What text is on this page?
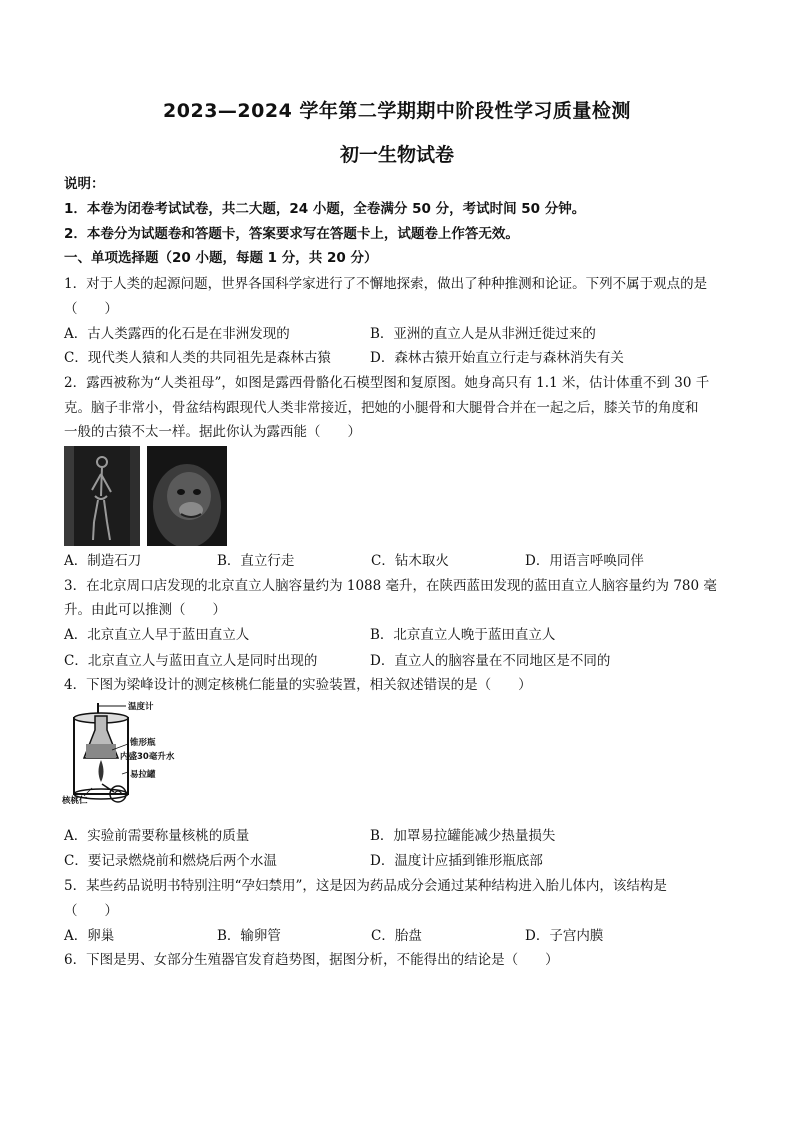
2023—2024 学年第二学期期中阶段性学习质量检测
初一生物试卷
说明：
1．本卷为闭卷考试试卷，共二大题，24 小题，全卷满分 50 分，考试时间 50 分钟。
2．本卷分为试题卷和答题卡，答案要求写在答题卡上，试题卷上作答无效。
一、单项选择题（20 小题，每题 1 分，共 20 分）
1．对于人类的起源问题，世界各国科学家进行了不懈地探索，做出了种种推测和论证。下列不属于观点的是
（　　）
A．古人类露西的化石是在非洲发现的	B．亚洲的直立人是从非洲迁徙过来的
C．现代类人猿和人类的共同祖先是森林古猿	D．森林古猿开始直立行走与森林消失有关
2．露西被称为“人类祖母”，如图是露西骨骼化石模型图和复原图。她身高只有 1.1 米，估计体重不到 30 千
克。脑子非常小，骨盆结构跟现代人类非常接近，把她的小腿骨和大腿骨合并在一起之后，膝关节的角度和
一般的古猿不太一样。据此你认为露西能（　　）
A．制造石刀	B．直立行走	C．钻木取火	D．用语言呼唤同伴
3．在北京周口店发现的北京直立人脑容量约为 1088 毫升，在陕西蓝田发现的蓝田直立人脑容量约为 780 毫
升。由此可以推测（　　）
A．北京直立人早于蓝田直立人	B．北京直立人晚于蓝田直立人
C．北京直立人与蓝田直立人是同时出现的	D．直立人的脑容量在不同地区是不同的
4．下图为梁峰设计的测定核桃仁能量的实验装置，相关叙述错误的是（　　）
温度计
锥形瓶
内盛30毫升水
易拉罐
核桃仁
A．实验前需要称量核桃的质量	B．加罩易拉罐能减少热量损失
C．要记录燃烧前和燃烧后两个水温	D．温度计应插到锥形瓶底部
5．某些药品说明书特别注明“孕妇禁用”，这是因为药品成分会通过某种结构进入胎儿体内，该结构是
（　　）
A．卵巢	B．输卵管	C．胎盘	D．子宫内膜
6．下图是男、女部分生殖器官发育趋势图，据图分析，不能得出的结论是（　　）
